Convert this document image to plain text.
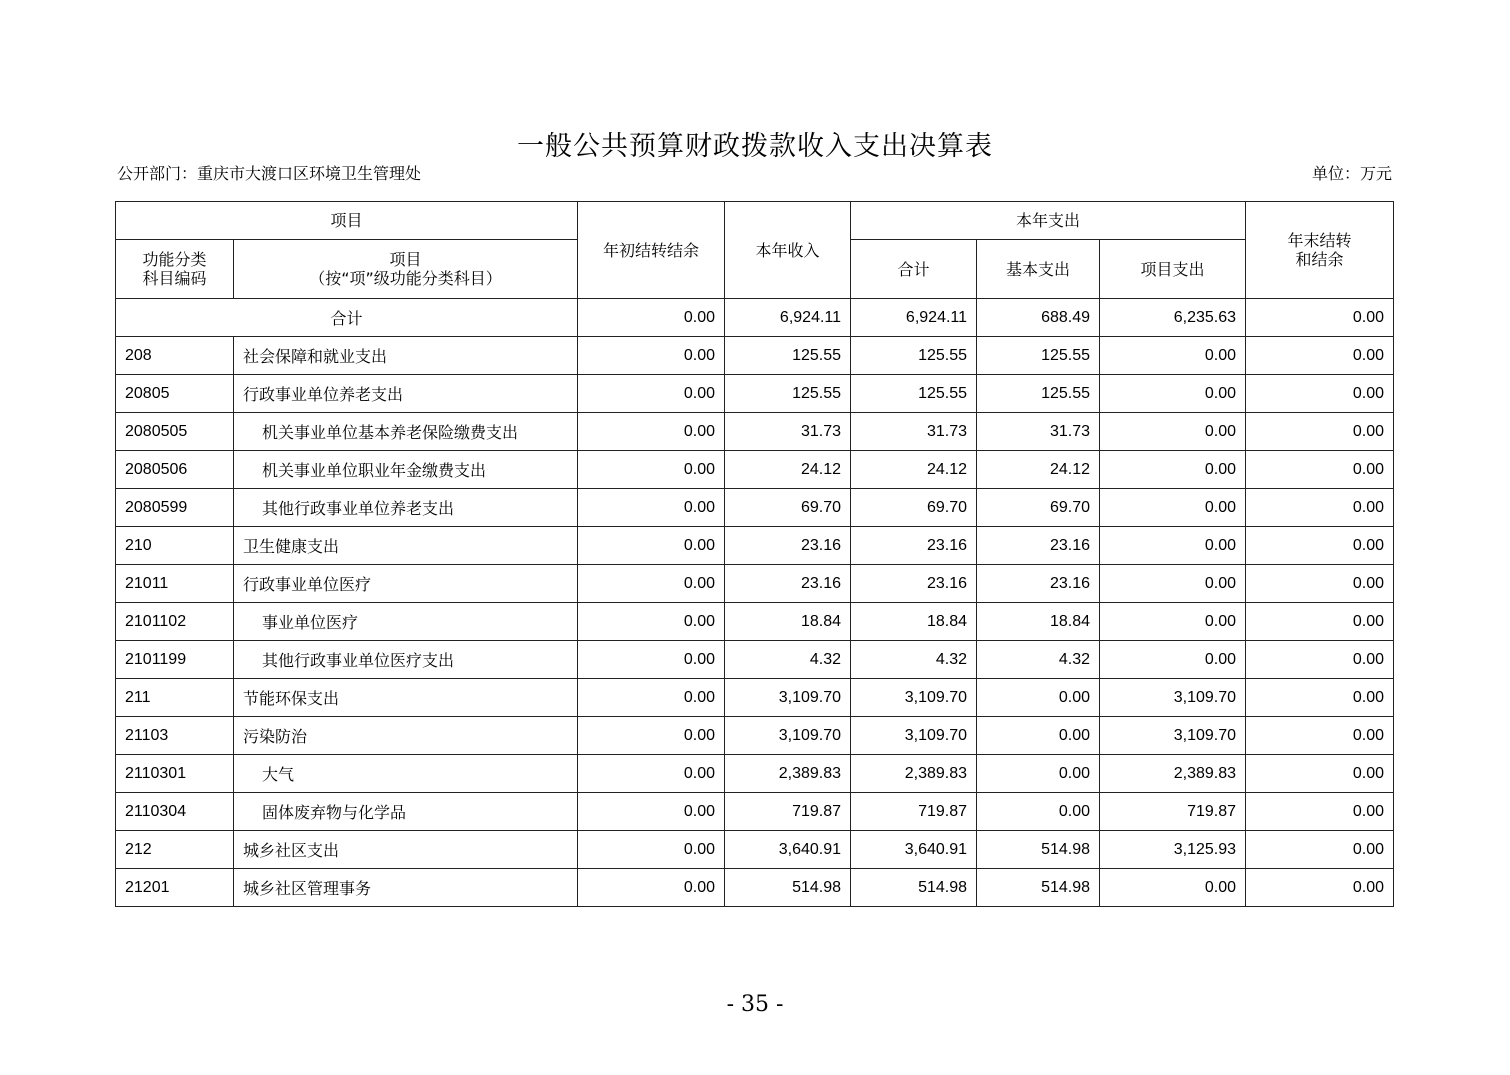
一般公共预算财政拨款收入支出决算表
公开部门：重庆市大渡口区环境卫生管理处	单位：万元
项目		年初结转结余	本年收入	本年支出			年末结转
和结余
功能分类
科目编码	项目
（按“项”级功能分类科目）			合计	基本支出	项目支出	
合计		0.00	6,924.11	6,924.11	688.49	6,235.63	0.00
208	社会保障和就业支出	0.00	125.55	125.55	125.55	0.00	0.00
20805	行政事业单位养老支出	0.00	125.55	125.55	125.55	0.00	0.00
2080505	机关事业单位基本养老保险缴费支出	0.00	31.73	31.73	31.73	0.00	0.00
2080506	机关事业单位职业年金缴费支出	0.00	24.12	24.12	24.12	0.00	0.00
2080599	其他行政事业单位养老支出	0.00	69.70	69.70	69.70	0.00	0.00
210	卫生健康支出	0.00	23.16	23.16	23.16	0.00	0.00
21011	行政事业单位医疗	0.00	23.16	23.16	23.16	0.00	0.00
2101102	事业单位医疗	0.00	18.84	18.84	18.84	0.00	0.00
2101199	其他行政事业单位医疗支出	0.00	4.32	4.32	4.32	0.00	0.00
211	节能环保支出	0.00	3,109.70	3,109.70	0.00	3,109.70	0.00
21103	污染防治	0.00	3,109.70	3,109.70	0.00	3,109.70	0.00
2110301	大气	0.00	2,389.83	2,389.83	0.00	2,389.83	0.00
2110304	固体废弃物与化学品	0.00	719.87	719.87	0.00	719.87	0.00
212	城乡社区支出	0.00	3,640.91	3,640.91	514.98	3,125.93	0.00
21201	城乡社区管理事务	0.00	514.98	514.98	514.98	0.00	0.00
- 35 -
